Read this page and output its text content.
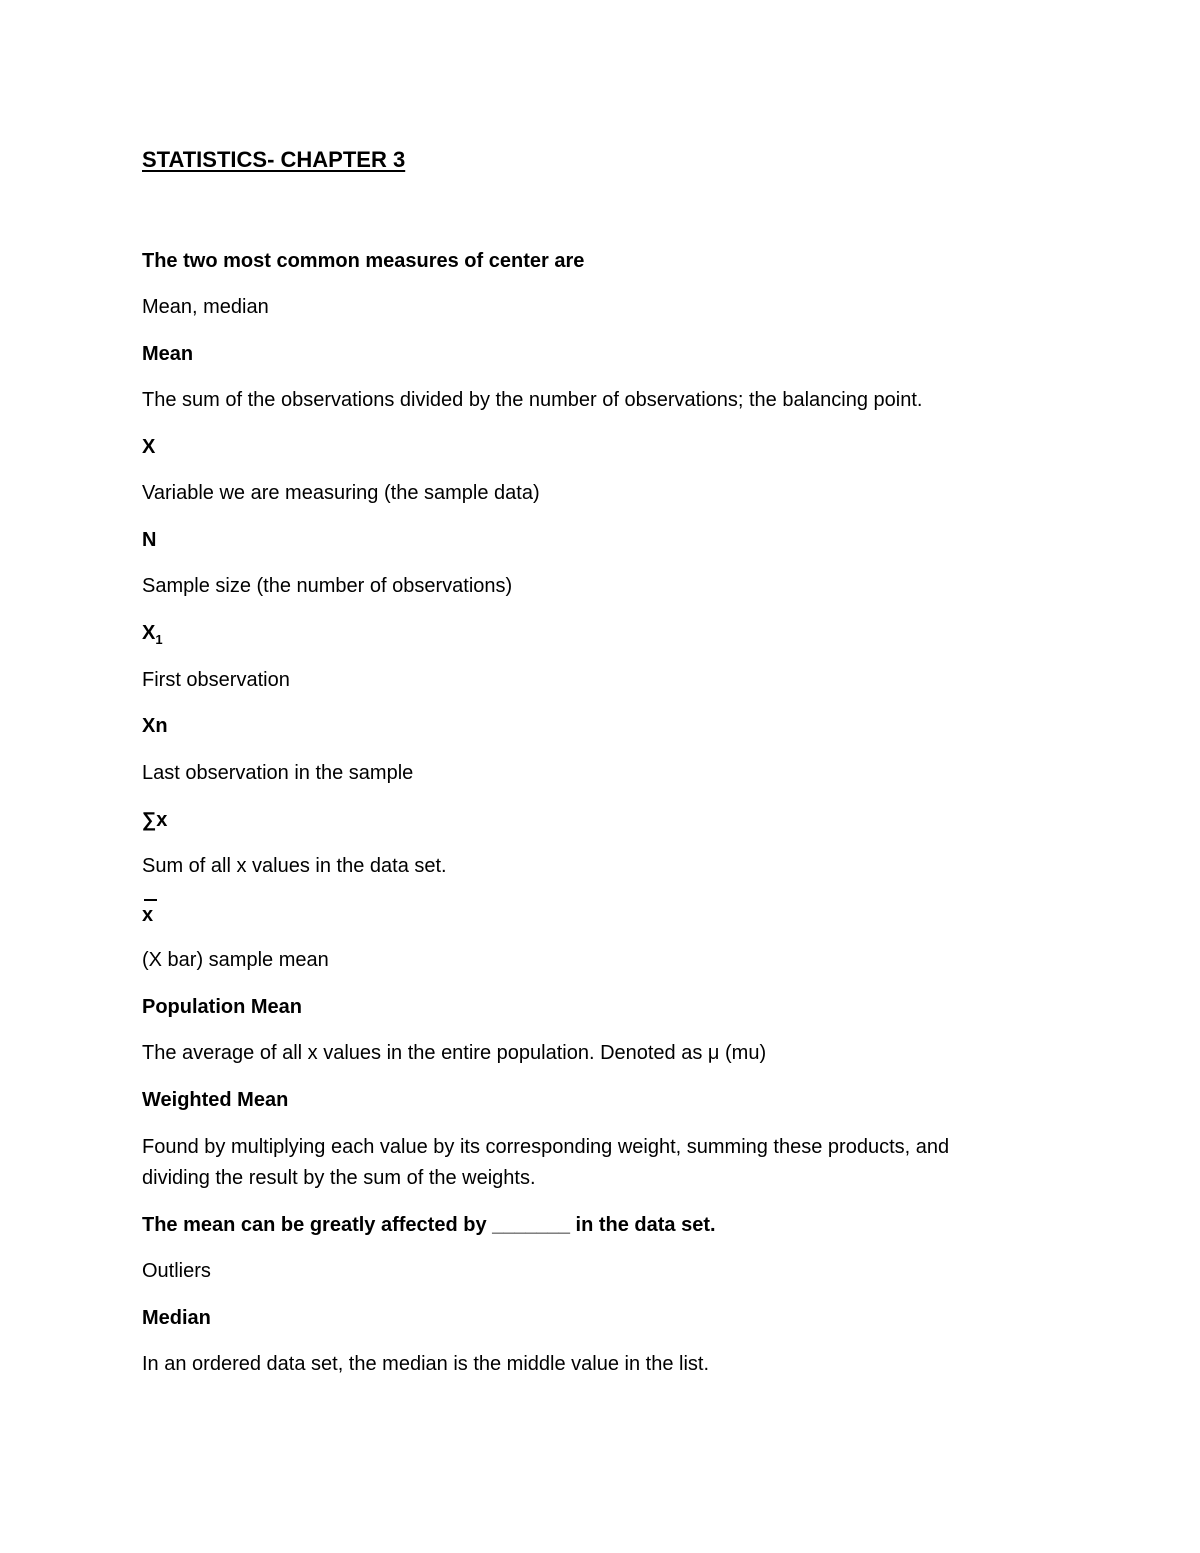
STATISTICS- CHAPTER 3

The two most common measures of center are

Mean, median

Mean

The sum of the observations divided by the number of observations; the balancing point.

X

Variable we are measuring (the sample data)

N

Sample size (the number of observations)

$X_1$

First observation

Xn

Last observation in the sample

∑x

Sum of all x values in the data set.

x

(X bar) sample mean

Population Mean

The average of all x values in the entire population. Denoted as μ (mu)

Weighted Mean

Found by multiplying each value by its corresponding weight, summing these products, and

dividing the result by the sum of the weights.

The mean can be greatly affected by _______ in the data set.

Outliers

Median

In an ordered data set, the median is the middle value in the list.
